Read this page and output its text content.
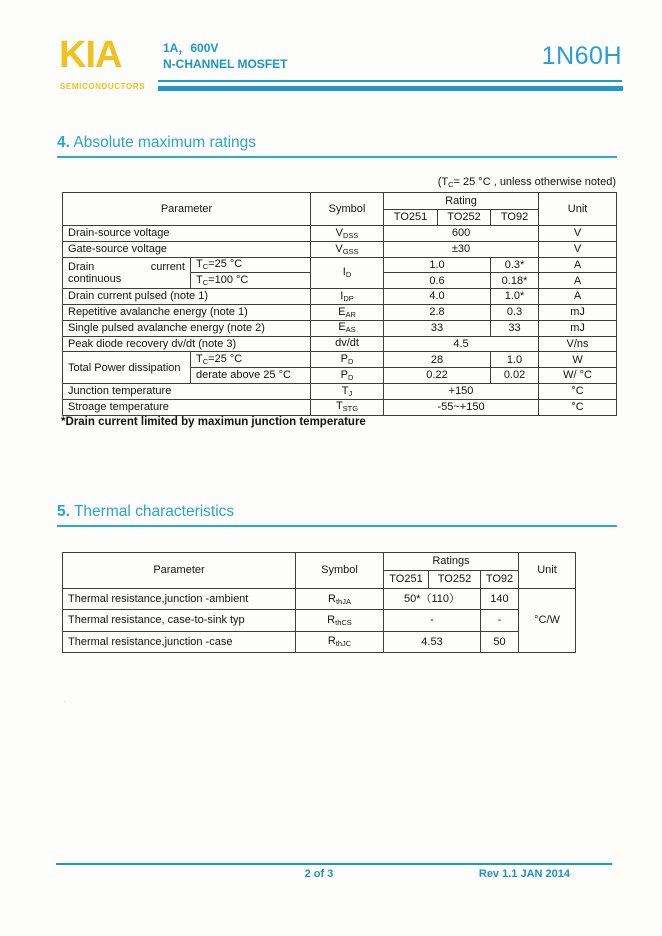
KIA
SEMICONDUCTORS
1A，600V
N-CHANNEL MOSFET	1N60H
4. Absolute maximum ratings
(TC= 25 °C , unless otherwise noted)
Parameter		Symbol	Rating			Unit
			TO251	TO252	TO92	
Drain-source voltage		VDSS	600			V
Gate-source voltage		VGSS	±30			V

Drain current
continuous	TC=25 °C	ID	1.0		0.3*	A
	TC=100 °C		0.6		0.18*	A
Drain current pulsed (note 1)		IDP	4.0		1.0*	A
Repetitive avalanche energy (note 1)		EAR	2.8		0.3	mJ
Single pulsed avalanche energy (note 2)		EAS	33		33	mJ
Peak diode recovery dv/dt (note 3)		dv/dt	4.5			V/ns
Total Power dissipation	TC=25 °C	PD	28		1.0	W
	derate above 25 °C	PD	0.22		0.02	W/ °C
Junction temperature		TJ	+150			°C
Stroage temperature		TSTG	-55~+150			°C
*Drain current limited by maximun junction temperature
5. Thermal characteristics
Parameter	Symbol	Ratings			Unit
		TO251	TO252	TO92	
Thermal resistance,junction -ambient	RthJA	50*（110）		140	°C/W
Thermal resistance, case-to-sink typ	RthCS	-		-	
Thermal resistance,junction -case	RthJC	4.53		50	
.
2 of 3	Rev 1.1 JAN 2014
